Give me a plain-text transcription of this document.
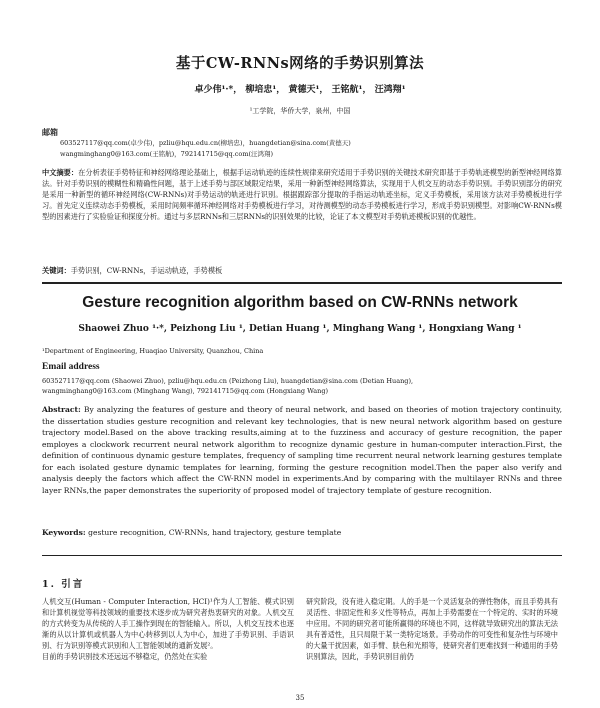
基于CW-RNNs网络的手势识别算法
卓少伟¹·*， 柳培忠¹， 黄德天¹， 王铭航¹， 汪鸿翔¹
¹工学院，华侨大学，泉州，中国
邮箱
603527117@qq.com(卓少伟)，pzliu@hqu.edu.cn(柳培忠)，huangdetian@sina.com(黄德天)
wangminghang0@163.com(王铭航)，792141715@qq.com(汪鸿翔)
中文摘要：在分析表征手势特征和神经网络理论基础上，根据手运动轨迹的连续性规律来研究适用于手势识别的关键技术研究即基于手势轨迹模型的新型神经网络算法。针对手势识别的模糊性和精确性问题，基于上述手势与部区域限定结果，采用一种新型神经网络算法，实现用于人机交互的动态手势识别。手势识别部分的研究是采用一种新型的循环神经网络(CW-RNNs)对手势运动的轨迹进行识别。根据跟踪部分提取的手指运动轨迹坐标，定义手势模板，采用该方法对手势模板进行学习。首先定义连续动态手势模板，采用时间频率循环神经网络对手势模板进行学习，对待测模型的动态手势模板进行学习，形成手势识别模型。对影响CW-RNNs模型的因素进行了实验验证和探度分析。通过与多层RNNs和三层RNNs的识别效果的比较，论证了本文模型对手势轨迹模板识别的优越性。
关键词：手势识别，CW-RNNs，手运动轨迹，手势模板
Gesture recognition algorithm based on CW-RNNs network
Shaowei Zhuo ¹·*, Peizhong Liu ¹, Detian Huang ¹, Minghang Wang ¹, Hongxiang Wang ¹
¹Department of Engineering, Huaqiao University, Quanzhou, China
Email address
603527117@qq.com (Shaowei Zhuo), pzliu@hqu.edu.cn (Peizhong Liu), huangdetian@sina.com (Detian Huang),
wangminghang0@163.com (Minghang Wang), 792141715@qq.com (Hongxiang Wang)
Abstract: By analyzing the features of gesture and theory of neural network, and based on theories of motion trajectory continuity, the dissertation studies gesture recognition and relevant key technologies, that is new neural network algorithm based on gesture trajectory model.Based on the above tracking results,aiming at to the fuzziness and accuracy of gesture recognition, the paper employes a clockwork recurrent neural network algorithm to recognize dynamic gesture in human-computer interaction.First, the definition of continuous dynamic gesture templates, frequency of sampling time recurrent neural network learning gestures template for each isolated gesture dynamic templates for learning, forming the gesture recognition model.Then the paper also verify and analysis deeply the factors which affect the CW-RNN model in experiments.And by comparing with the multilayer RNNs and three layer RNNs,the paper demonstrates the superiority of proposed model of trajectory template of gesture recognition.
Keywords: gesture recognition, CW-RNNs, hand trajectory, gesture template
1. 引言
人机交互(Human - Computer Interaction, HCI)¹作为人工智能、模式识别和计算机视觉等科技领域的重要技术逐步成为研究者热衷研究的对象。人机交互的方式转变为从传统的人手工操作到现在的智能输入。所以，人机交互技术也逐渐的从以计算机或机器人为中心转移到以人为中心，加进了手势识别、手语识别、行为识别等模式识别和人工智能领域的通新发展²。
目前的手势识别技术还远远不够稳定，仍然处在实验
研究阶段，没有进入稳定期。人的手是一个灵活复杂的弹性物体，而且手势具有灵活性、非固定性和多义性等特点，再加上手势需要在一个特定的、实时的环境中应用。不同的研究者可能所赢得的环境也不同，这样就导致研究出的算法无法具有普适性，且只局限于某一类特定场景。手势动作的可变性和复杂性与环境中的大量干扰因素，如手臂、肤色和光照等，使研究者们更难找到一种通用的手势识别算法，因此，手势识别目前仍
35
